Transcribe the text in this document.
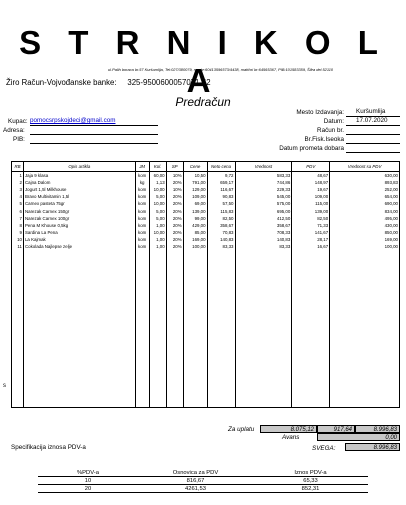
S T R N I K O L A
ul.Palih boraca br.57 Kuršumlija, Tel:027/380079, reg.br:60413596573/4438, matični br:64565367, PIB:101583359, Šifra del.52110
Žiro Račun-Vojvođanske banke: 325-9500600057071-42
Predračun
Mesto Izdavanja: Kuršumlija
Datum: 17.07.2020
Račun br.
Br.Fisk.Iseoka
Datum prometa dobara
Kupac: pomocsrpskojdeci@gmail.com
Adresa:
PIB:
RB	Opis artikla	JM	Kol.	SP	Cene	Neto cena	Vrednost	PDV	Vrednost sa PDV
1	Jaja 9 klasa	kom	60,00	10%	10,50	9,72	583,33	48,67	630,00
2	Cajna Dalom	kg	1,13	20%	791,00	659,17	744,86	148,97	893,83
3	Jogurt 1,5l Milkhouse	kom	10,00	10%	129,00	116,67	229,33	19,67	252,00
4	Bravo Multivitamin 1,5l	kom	5,00	20%	109,00	90,83	545,00	109,00	654,00
5	Carnex pasteta 75gr	kom	10,00	20%	69,00	57,50	575,00	115,00	690,00
6	Narezak Carnex 150gr	kom	5,00	20%	139,00	115,83	695,00	139,00	834,00
7	Narezak Carnex 100gr	kom	5,00	20%	99,00	82,50	412,50	82,50	495,00
8	Pena M Khouse 0,5kg	kom	1,00	20%	429,00	358,67	358,67	71,33	430,00
9	Sardina La Pena	kom	10,00	20%	85,00	70,83	708,33	141,67	850,00
10	La Kajmak	kom	1,00	20%	169,00	140,83	140,83	28,17	169,00
11	Cokolada Najlepse zelje	kom	1,00	20%	100,00	83,33	83,33	16,67	100,00

s
Za uplatu	8.075,12	917,64	8.996,83
Avans	0,00
SVEGA:	8.996,83
Specifikacija iznosa PDV-a
%PDV-a	Osnovica za PDV	Iznos PDV-a
10	816,67	65,33
20	4261,53	852,31
